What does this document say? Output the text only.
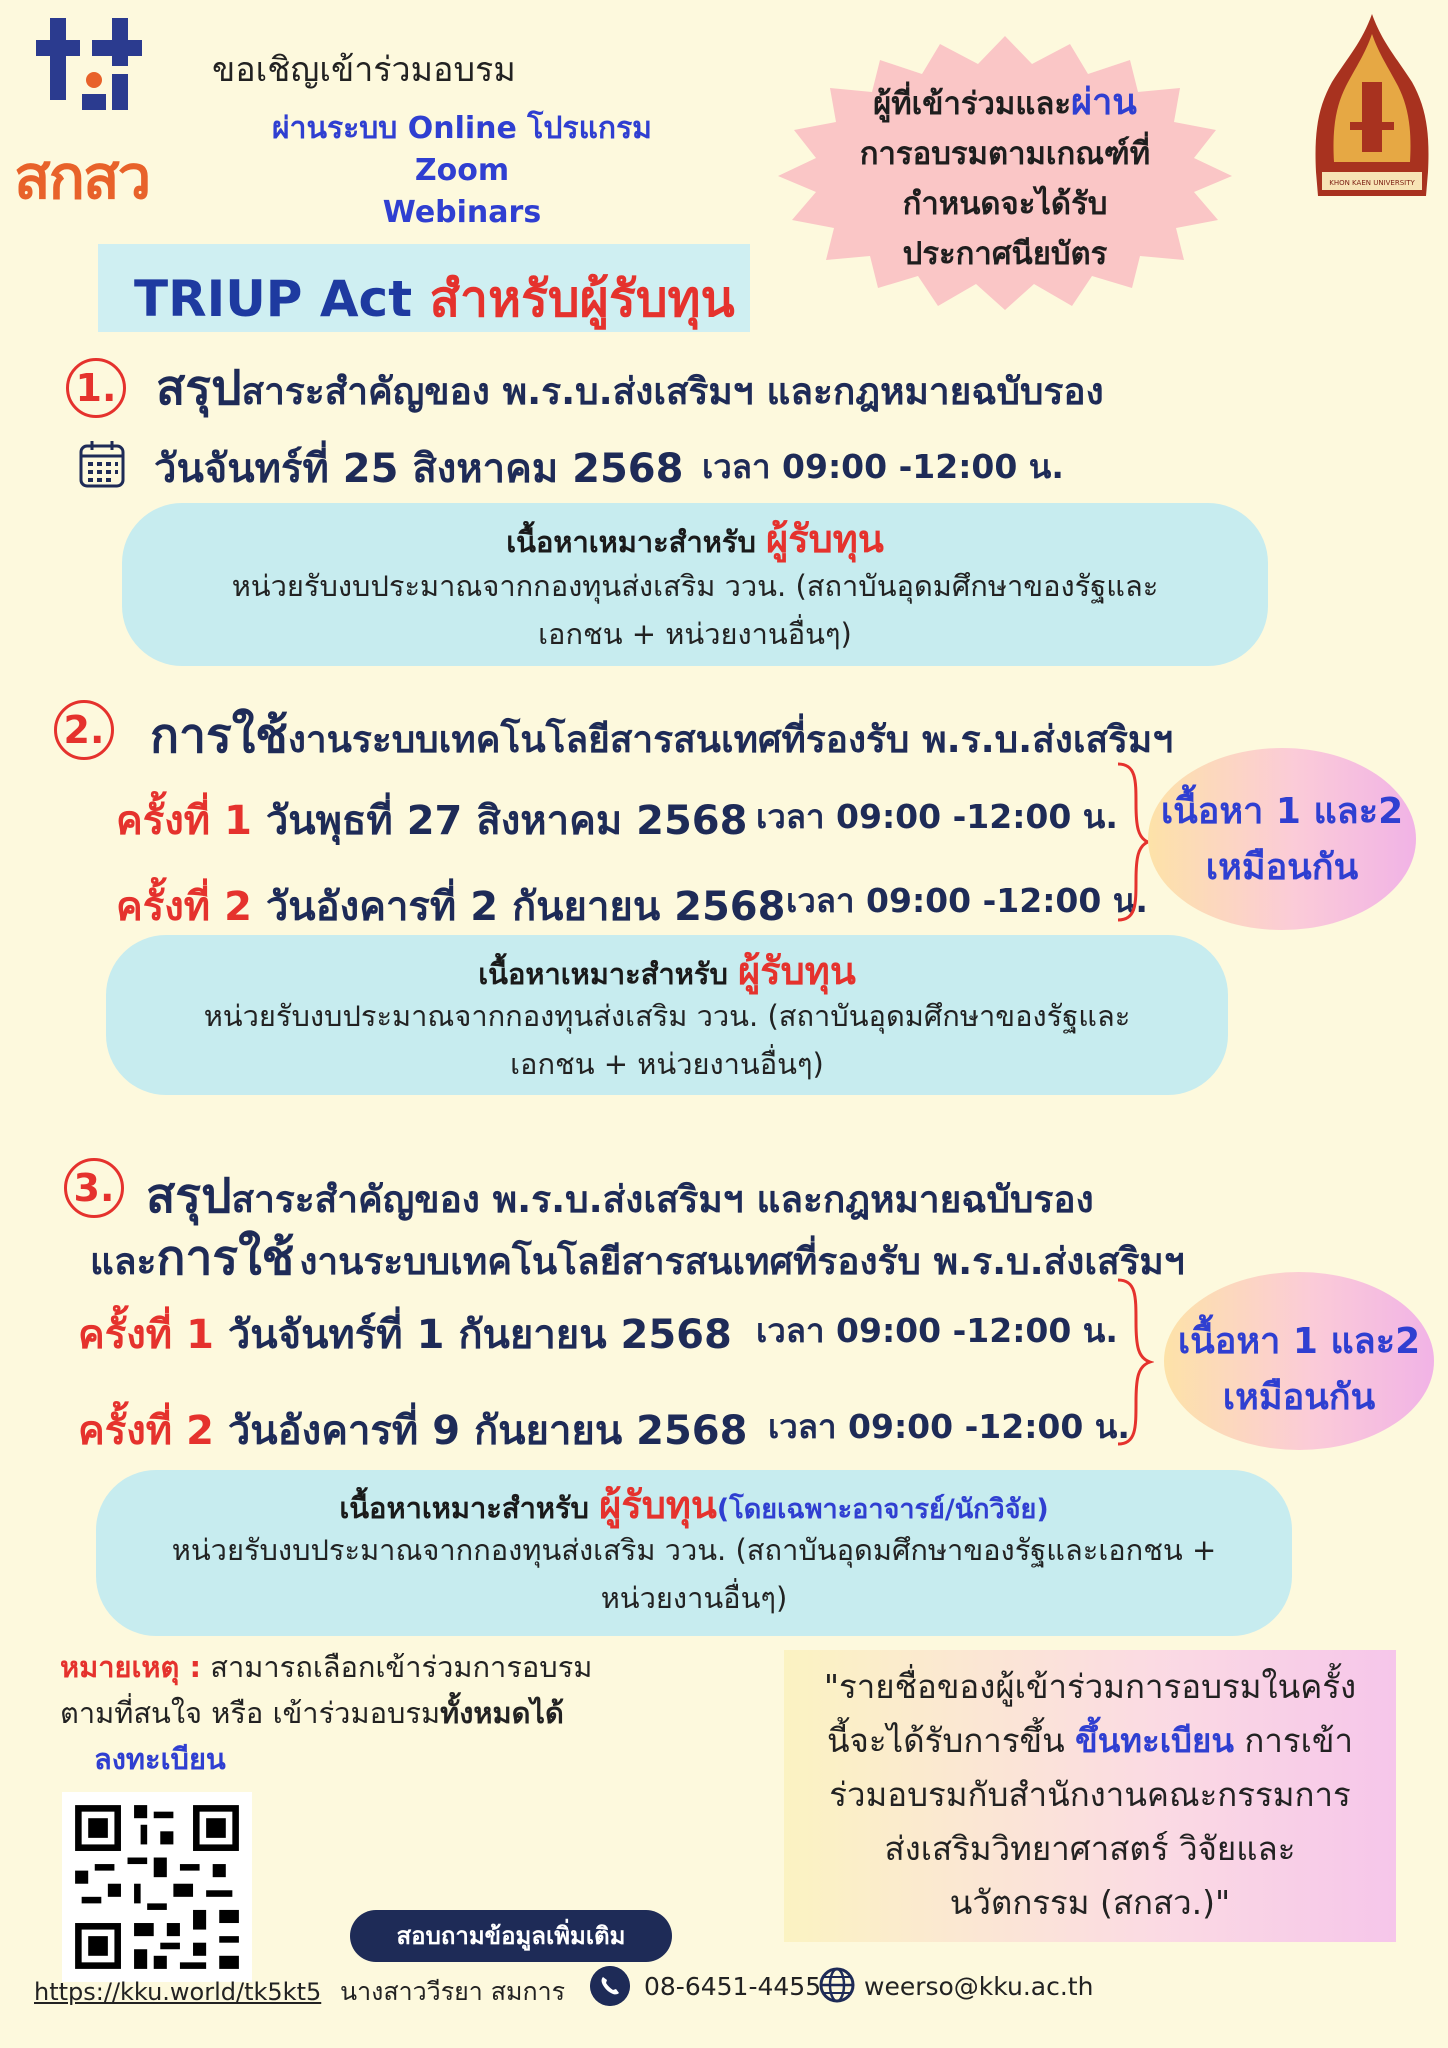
สกสว
ขอเชิญเข้าร่วมอบรม
ผ่านระบบ Online โปรแกรม Zoom
Webinars
ผู้ที่เข้าร่วมและผ่าน
การอบรมตามเกณฑ์ที่
กำหนดจะได้รับ
ประกาศนียบัตร
KHON KAEN UNIVERSITY
TRIUP Act สำหรับผู้รับทุน
1. สรุปสาระสำคัญของ พ.ร.บ.ส่งเสริมฯ และกฎหมายฉบับรอง
วันจันทร์ที่ 25 สิงหาคม 2568 เวลา 09:00 -12:00 น.
เนื้อหาเหมาะสำหรับ ผู้รับทุน
หน่วยรับงบประมาณจากกองทุนส่งเสริม ววน. (สถาบันอุดมศึกษาของรัฐและ
เอกชน + หน่วยงานอื่นๆ)
2. การใช้งานระบบเทคโนโลยีสารสนเทศที่รองรับ พ.ร.บ.ส่งเสริมฯ
ครั้งที่ 1 วันพุธที่ 27 สิงหาคม 2568 เวลา 09:00 -12:00 น.
ครั้งที่ 2 วันอังคารที่ 2 กันยายน 2568 เวลา 09:00 -12:00 น.
เนื้อหา 1 และ2
เหมือนกัน
เนื้อหาเหมาะสำหรับ ผู้รับทุน
หน่วยรับงบประมาณจากกองทุนส่งเสริม ววน. (สถาบันอุดมศึกษาของรัฐและ
เอกชน + หน่วยงานอื่นๆ)
3. สรุปสาระสำคัญของ พ.ร.บ.ส่งเสริมฯ และกฎหมายฉบับรอง
และการใช้ งานระบบเทคโนโลยีสารสนเทศที่รองรับ พ.ร.บ.ส่งเสริมฯ
ครั้งที่ 1 วันจันทร์ที่ 1 กันยายน 2568 เวลา 09:00 -12:00 น.
ครั้งที่ 2 วันอังคารที่ 9 กันยายน 2568 เวลา 09:00 -12:00 น.
เนื้อหา 1 และ2
เหมือนกัน
เนื้อหาเหมาะสำหรับ ผู้รับทุน(โดยเฉพาะอาจารย์/นักวิจัย)
หน่วยรับงบประมาณจากกองทุนส่งเสริม ววน. (สถาบันอุดมศึกษาของรัฐและเอกชน +
หน่วยงานอื่นๆ)
หมายเหตุ : สามารถเลือกเข้าร่วมการอบรม
ตามที่สนใจ หรือ เข้าร่วมอบรมทั้งหมดได้
ลงทะเบียน
https://kku.world/tk5kt5
"รายชื่อของผู้เข้าร่วมการอบรมในครั้ง
นี้จะได้รับการขึ้น ขึ้นทะเบียน การเข้า
ร่วมอบรมกับสำนักงานคณะกรรมการ
ส่งเสริมวิทยาศาสตร์ วิจัยและ
นวัตกรรม (สกสว.)"
สอบถามข้อมูลเพิ่มเติม
นางสาววีรยา สมการ	08-6451-4455 weerso@kku.ac.th
